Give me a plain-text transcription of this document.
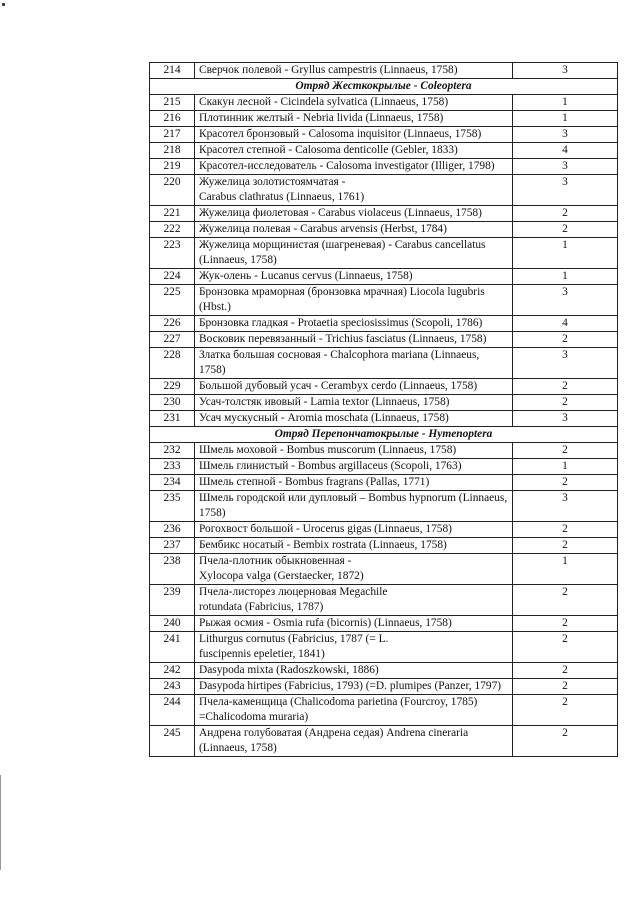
214	Сверчок полевой - Gryllus campestris (Linnaeus, 1758)	3
Отряд Жесткокрылые - Coleoptera		
215	Скакун лесной - Cicindela sylvatica (Linnaeus, 1758)	1
216	Плотинник желтый - Nebria livida (Linnaeus, 1758)	1
217	Красотел бронзовый - Calosoma inquisitor (Linnaeus, 1758)	3
218	Красотел степной - Calosoma denticolle (Gebler, 1833)	4
219	Красотел-исследователь - Calosoma investigator (Illiger, 1798)	3
220	Жужелица золотистоямчатая -
Carabus clathratus (Linnaeus, 1761)	3
221	Жужелица фиолетовая - Carabus violaceus (Linnaeus, 1758)	2
222	Жужелица полевая - Carabus arvensis (Herbst, 1784)	2
223	Жужелица морщинистая (шагреневая) - Carabus cancellatus (Linnaeus, 1758)	1
224	Жук-олень - Lucanus cervus (Linnaeus, 1758)	1
225	Бронзовка мраморная (бронзовка мрачная) Liocola lugubris (Hbst.)	3
226	Бронзовка гладкая - Protaetia speciosissimus (Scopoli, 1786)	4
227	Восковик перевязанный - Trichius fasciatus (Linnaeus, 1758)	2
228	Златка большая сосновая - Chalcophora mariana (Linnaeus, 1758)	3
229	Большой дубовый усач - Cerambyx cerdo (Linnaeus, 1758)	2
230	Усач-толстяк ивовый - Lamia textor (Linnaeus, 1758)	2
231	Усач мускусный - Aromia moschata (Linnaeus, 1758)	3
Отряд Перепончатокрылые - Hymenoptera		
232	Шмель моховой - Bombus muscorum (Linnaeus, 1758)	2
233	Шмель глинистый - Bombus argillaceus (Scopoli, 1763)	1
234	Шмель степной - Bombus fragrans (Pallas, 1771)	2
235	Шмель городской или дупловый – Bombus hypnorum (Linnaeus, 1758)	3
236	Рогохвост большой - Urocerus gigas (Linnaeus, 1758)	2
237	Бембикс носатый - Bembix rostrata (Linnaeus, 1758)	2
238	Пчела-плотник обыкновенная -
Xylocopa valga (Gerstaecker, 1872)	1
239	Пчела-листорез люцерновая Megachile
rotundata (Fabricius, 1787)	2
240	Рыжая осмия - Osmia rufa (bicornis) (Linnaeus, 1758)	2
241	Lithurgus cornutus (Fabricius, 1787 (= L.
fuscipennis epeletier, 1841)	2
242	Dasypoda mixta (Radoszkowski, 1886)	2
243	Dasypoda hirtipes (Fabricius, 1793) (=D. plumipes (Panzer, 1797)	2
244	Пчела-каменщица (Chalicodoma parietina (Fourcroy, 1785) =Chalicodoma muraria)	2
245	Андрена голубоватая (Андрена седая) Andrena cineraria (Linnaeus, 1758)	2
